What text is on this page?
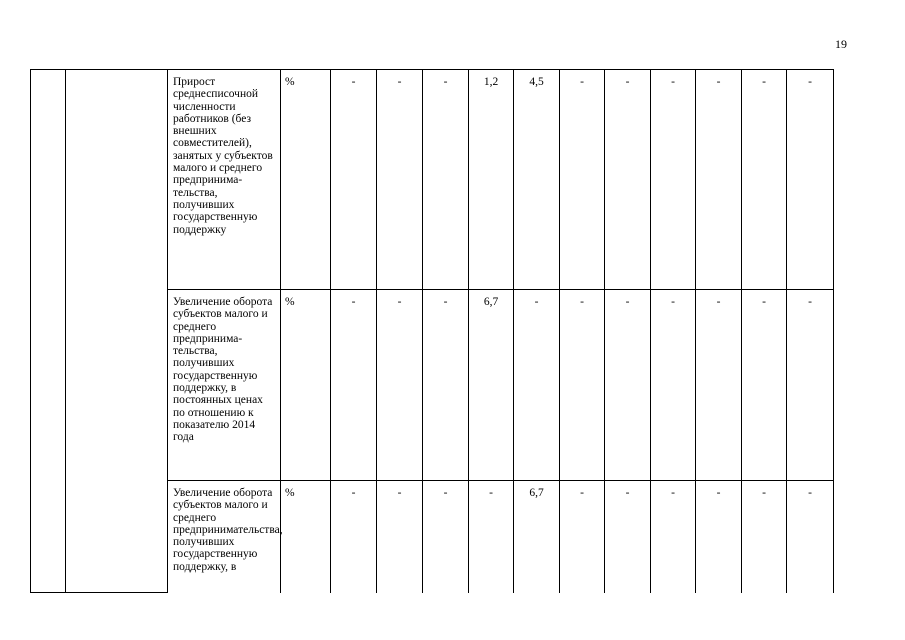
19
		Прирост среднесписочной численности работников (без внешних совместителей), занятых у субъектов малого и среднего предпринима-тельства, получивших государственную поддержку	%	-	-	-	1,2	4,5	-	-	-	-	-	-
		Увеличение оборота субъектов малого и среднего предпринима-тельства, получивших государственную поддержку, в постоянных ценах по отношению к показателю 2014 года	%	-	-	-	6,7	-	-	-	-	-	-	-
		Увеличение оборота субъектов малого и среднего предпринимательства, получивших государственную поддержку, в	%	-	-	-	-	6,7	-	-	-	-	-	-
